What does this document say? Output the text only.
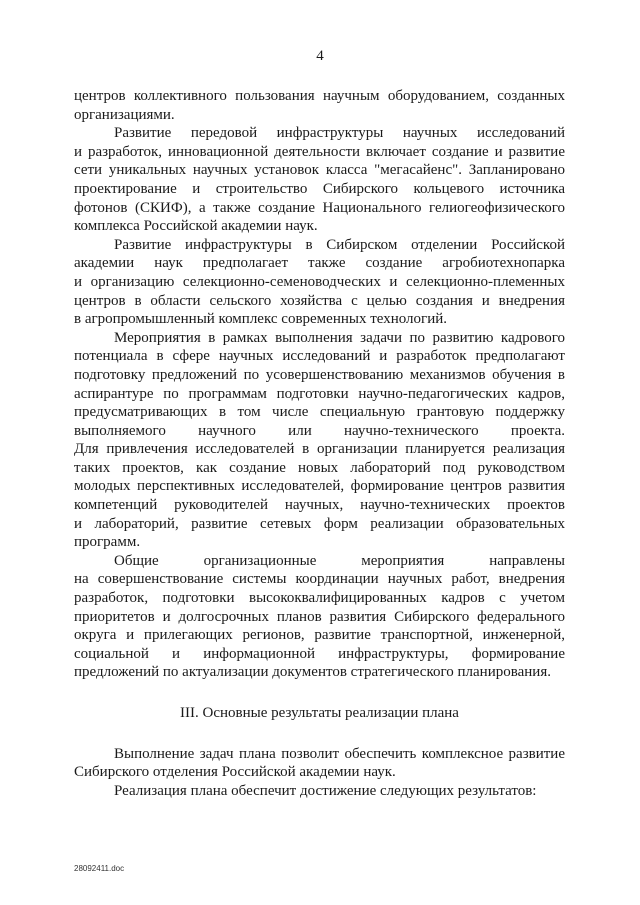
4
центров коллективного пользования научным оборудованием, созданных
организациями.
Развитие передовой инфраструктуры научных исследований
и разработок, инновационной деятельности включает создание и развитие
сети уникальных научных установок класса "мегасайенс". Запланировано
проектирование и строительство Сибирского кольцевого источника
фотонов (СКИФ), а также создание Национального гелиогеофизического
комплекса Российской академии наук.
Развитие инфраструктуры в Сибирском отделении Российской
академии наук предполагает также создание агробиотехнопарка
и организацию селекционно-семеноводческих и селекционно-племенных
центров в области сельского хозяйства с целью создания и внедрения
в агропромышленный комплекс современных технологий.
Мероприятия в рамках выполнения задачи по развитию кадрового
потенциала в сфере научных исследований и разработок предполагают
подготовку предложений по усовершенствованию механизмов обучения в
аспирантуре по программам подготовки научно-педагогических кадров,
предусматривающих в том числе специальную грантовую поддержку
выполняемого научного или научно-технического проекта.
Для привлечения исследователей в организации планируется реализация
таких проектов, как создание новых лабораторий под руководством
молодых перспективных исследователей, формирование центров развития
компетенций руководителей научных, научно-технических проектов
и лабораторий, развитие сетевых форм реализации образовательных
программ.
Общие организационные мероприятия направлены
на совершенствование системы координации научных работ, внедрения
разработок, подготовки высококвалифицированных кадров с учетом
приоритетов и долгосрочных планов развития Сибирского федерального
округа и прилегающих регионов, развитие транспортной, инженерной,
социальной и информационной инфраструктуры, формирование
предложений по актуализации документов стратегического планирования.
III. Основные результаты реализации плана
Выполнение задач плана позволит обеспечить комплексное развитие
Сибирского отделения Российской академии наук.
Реализация плана обеспечит достижение следующих результатов:
28092411.doc
